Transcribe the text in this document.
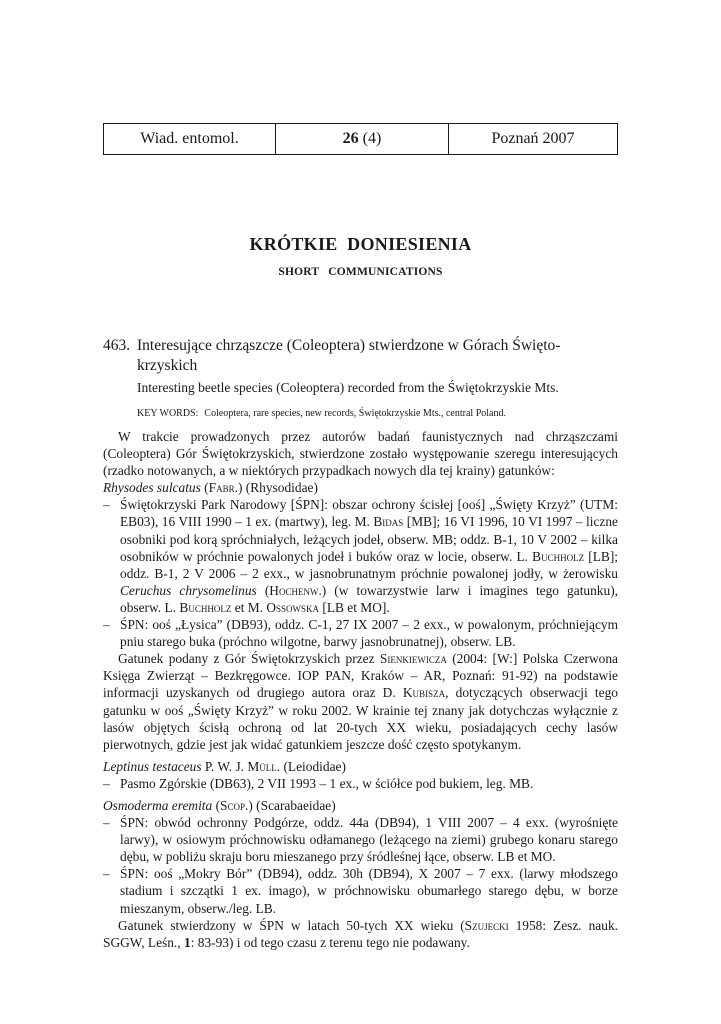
Wiad. entomol.	26 (4)	Poznań 2007
KRÓTKIE  DONIESIENIA
SHORT   COMMUNICATIONS
463. Interesujące chrząszcze (Coleoptera) stwierdzone w Górach Święto-krzyskich
Interesting beetle species (Coleoptera) recorded from the Świętokrzyskie Mts.
KEY WORDS: Coleoptera, rare species, new records, Świętokrzyskie Mts., central Poland.

W trakcie prowadzonych przez autorów badań faunistycznych nad chrząszczami (Coleoptera) Gór Świętokrzyskich, stwierdzone zostało występowanie szeregu interesujących (rzadko notowanych, a w niektórych przypadkach nowych dla tej krainy) gatunków:

Rhysodes sulcatus (Fabr.) (Rhysodidae)

– Świętokrzyski Park Narodowy [ŚPN]: obszar ochrony ścisłej [ooś] „Święty Krzyż” (UTM: EB03), 16 VIII 1990 – 1 ex. (martwy), leg. M. Bidas [MB]; 16 VI 1996, 10 VI 1997 – liczne osobniki pod korą spróchniałych, leżących jodeł, obserw. MB; oddz. B-1, 10 V 2002 – kilka osobników w próchnie powalonych jodeł i buków oraz w locie, obserw. L. Buchholz [LB]; oddz. B-1, 2 V 2006 – 2 exx., w jasnobrunatnym próchnie powalonej jodły, w żerowisku Ceruchus chrysomelinus (Hochenw.) (w towarzystwie larw i imagines tego gatunku), obserw. L. Buchholz et M. Ossowska [LB et MO].

– ŚPN: ooś „Łysica” (DB93), oddz. C-1, 27 IX 2007 – 2 exx., w powalonym, próchniejącym pniu starego buka (próchno wilgotne, barwy jasnobrunatnej), obserw. LB.

Gatunek podany z Gór Świętokrzyskich przez Sienkiewicza (2004: [W:] Polska Czerwona Księga Zwierząt – Bezkręgowce. IOP PAN, Kraków – AR, Poznań: 91-92) na podstawie informacji uzyskanych od drugiego autora oraz D. Kubisza, dotyczących obserwacji tego gatunku w ooś „Święty Krzyż” w roku 2002. W krainie tej znany jak dotychczas wyłącznie z lasów objętych ścisłą ochroną od lat 20-tych XX wieku, posiadających cechy lasów pierwotnych, gdzie jest jak widać gatunkiem jeszcze dość często spotykanym.

Leptinus testaceus P. W. J. Müll. (Leiodidae)

– Pasmo Zgórskie (DB63), 2 VII 1993 – 1 ex., w ściółce pod bukiem, leg. MB.

Osmoderma eremita (Scop.) (Scarabaeidae)

– ŚPN: obwód ochronny Podgórze, oddz. 44a (DB94), 1 VIII 2007 – 4 exx. (wyrośnięte larwy), w osiowym próchnowisku odłamanego (leżącego na ziemi) grubego konaru starego dębu, w pobliżu skraju boru mieszanego przy śródleśnej łące, obserw. LB et MO.

– ŚPN: ooś „Mokry Bór” (DB94), oddz. 30h (DB94), X 2007 – 7 exx. (larwy młodszego stadium i szczątki 1 ex. imago), w próchnowisku obumarłego starego dębu, w borze mieszanym, obserw./leg. LB.

Gatunek stwierdzony w ŚPN w latach 50-tych XX wieku (Szujecki 1958: Zesz. nauk. SGGW, Leśn., 1: 83-93) i od tego czasu z terenu tego nie podawany.
